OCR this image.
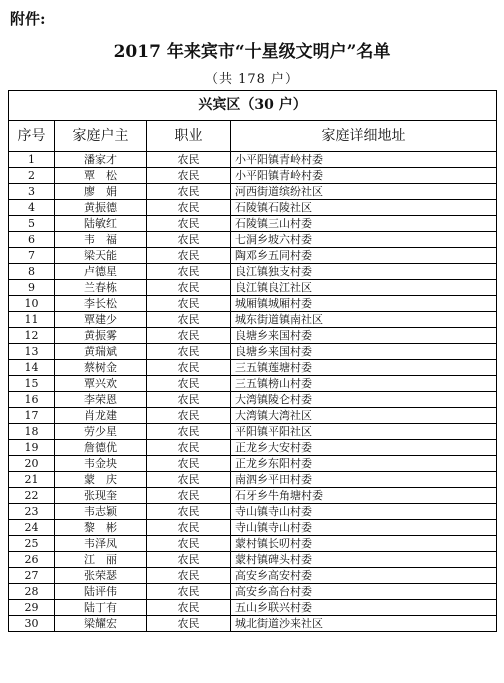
附件:
2017 年来宾市“十星级文明户”名单
（共 178 户）
兴宾区（30 户）			
序号	家庭户主	职业	家庭详细地址
1	潘家才	农民	小平阳镇青岭村委
2	覃　松	农民	小平阳镇青岭村委
3	廖　娟	农民	河西街道缤纷社区
4	黄振德	农民	石陵镇石陵社区
5	陆敏红	农民	石陵镇三山村委
6	韦　福	农民	七洞乡坡六村委
7	梁天能	农民	陶邓乡五同村委
8	卢德星	农民	良江镇独支村委
9	兰春栋	农民	良江镇良江社区
10	李长松	农民	城厢镇城厢村委
11	覃建少	农民	城东街道镇南社区
12	黄振雾	农民	良塘乡来国村委
13	黄瑞斌	农民	良塘乡来国村委
14	蔡树金	农民	三五镇莲塘村委
15	覃兴欢	农民	三五镇榜山村委
16	李荣恩	农民	大湾镇陵仑村委
17	肖龙建	农民	大湾镇大湾社区
18	劳少星	农民	平阳镇平阳社区
19	詹德优	农民	正龙乡大安村委
20	韦金块	农民	正龙乡东阳村委
21	蒙　庆	农民	南泗乡平田村委
22	张现奎	农民	石牙乡牛角塘村委
23	韦志颖	农民	寺山镇寺山村委
24	黎　彬	农民	寺山镇寺山村委
25	韦泽凤	农民	蒙村镇长叨村委
26	江　丽	农民	蒙村镇碑头村委
27	张荣瑟	农民	高安乡高安村委
28	陆评伟	农民	高安乡高台村委
29	陆丁有	农民	五山乡联兴村委
30	梁耀宏	农民	城北街道沙来社区
